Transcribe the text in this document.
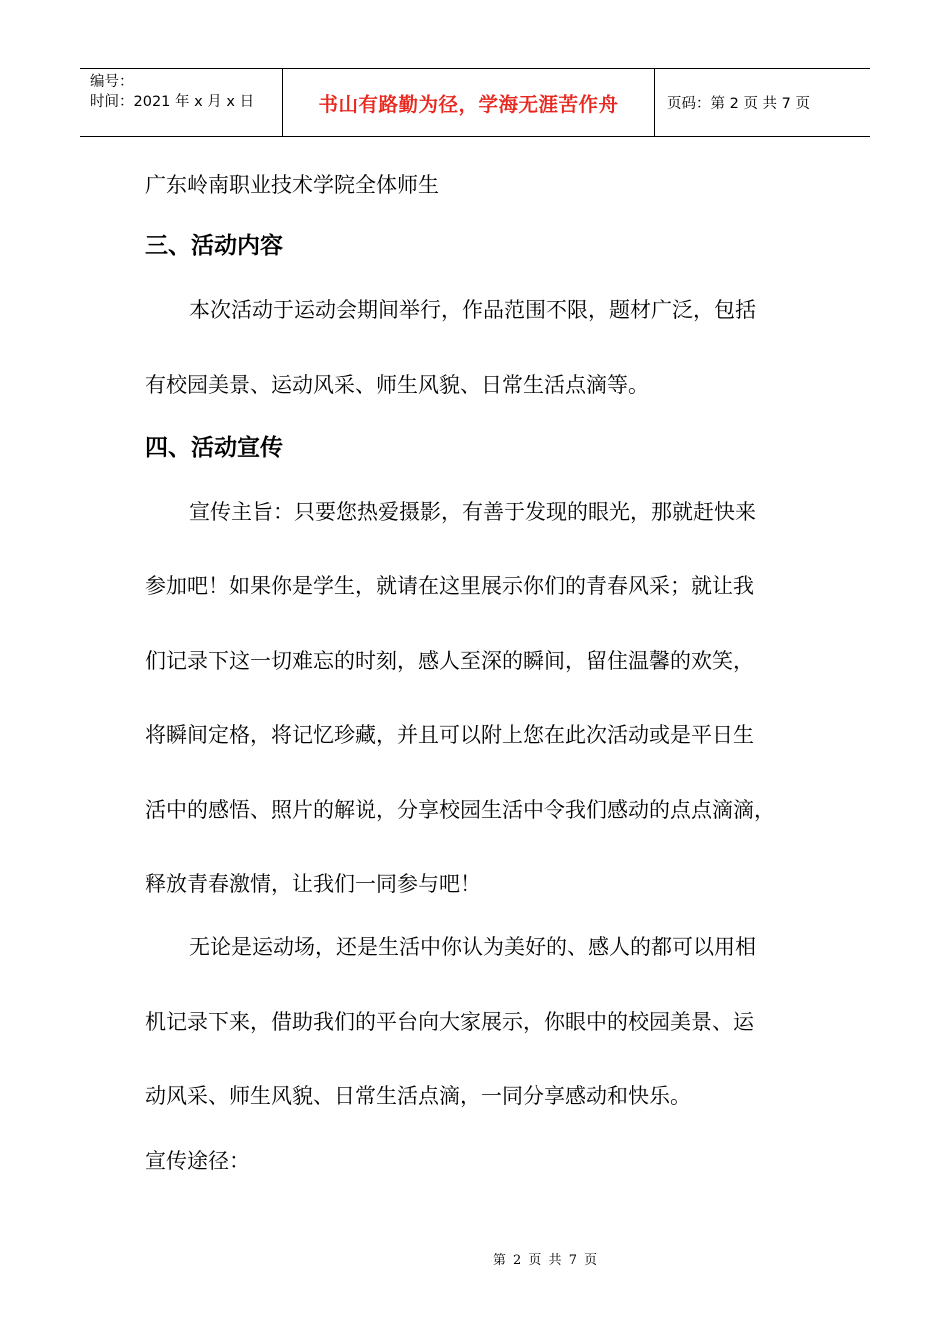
编号：
时间：2021 年 x 月 x 日	书山有路勤为径，学海无涯苦作舟	页码：第 2 页 共 7 页
广东岭南职业技术学院全体师生
三、活动内容
本次活动于运动会期间举行，作品范围不限，题材广泛，包括
有校园美景、运动风采、师生风貌、日常生活点滴等。
四、活动宣传
宣传主旨：只要您热爱摄影，有善于发现的眼光，那就赶快来
参加吧！如果你是学生，就请在这里展示你们的青春风采；就让我
们记录下这一切难忘的时刻，感人至深的瞬间，留住温馨的欢笑，
将瞬间定格，将记忆珍藏，并且可以附上您在此次活动或是平日生
活中的感悟、照片的解说，分享校园生活中令我们感动的点点滴滴，
释放青春激情，让我们一同参与吧！
无论是运动场，还是生活中你认为美好的、感人的都可以用相
机记录下来，借助我们的平台向大家展示，你眼中的校园美景、运
动风采、师生风貌、日常生活点滴，一同分享感动和快乐。
宣传途径：
第 2 页 共 7 页
